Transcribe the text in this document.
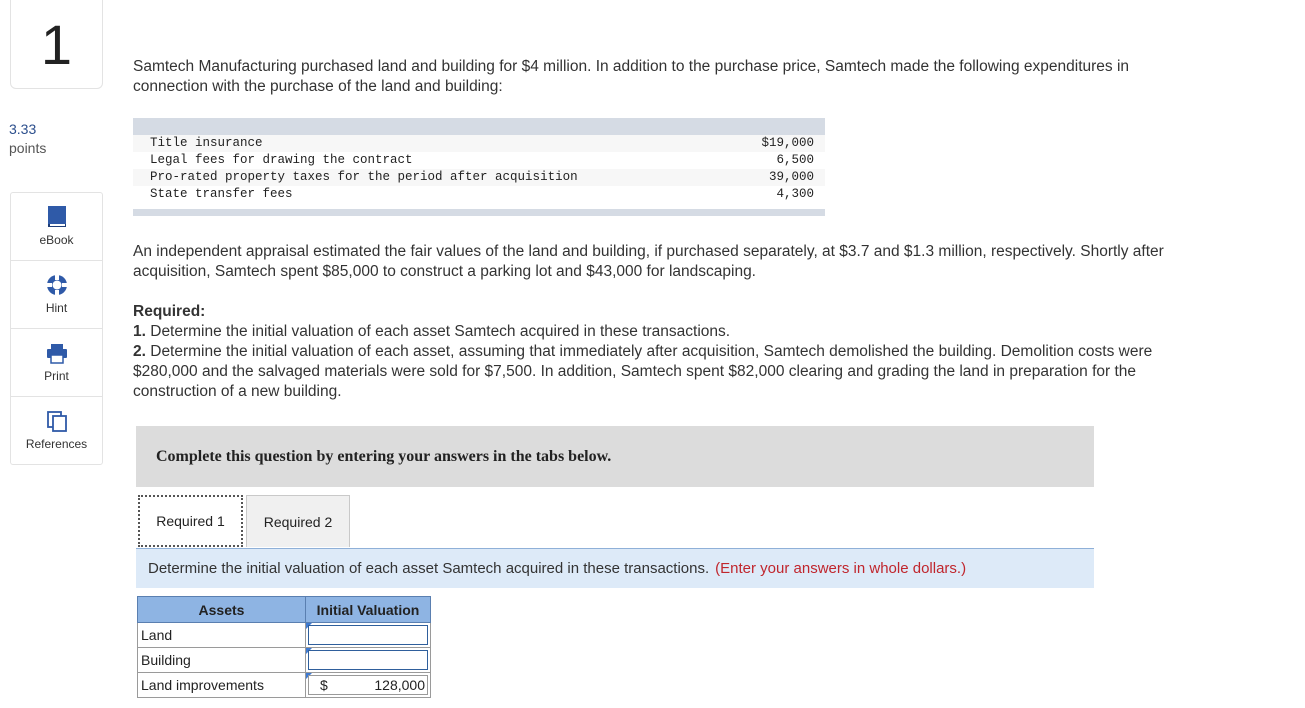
1
3.33
points
eBook
Hint
Print
References
Samtech Manufacturing purchased land and building for $4 million. In addition to the purchase price, Samtech made the following expenditures in connection with the purchase of the land and building:
Title insurance	$19,000
Legal fees for drawing the contract	6,500
Pro-rated property taxes for the period after acquisition	39,000
State transfer fees	4,300
An independent appraisal estimated the fair values of the land and building, if purchased separately, at $3.7 and $1.3 million, respectively. Shortly after acquisition, Samtech spent $85,000 to construct a parking lot and $43,000 for landscaping.
Required:
1. Determine the initial valuation of each asset Samtech acquired in these transactions.
2. Determine the initial valuation of each asset, assuming that immediately after acquisition, Samtech demolished the building. Demolition costs were $280,000 and the salvaged materials were sold for $7,500. In addition, Samtech spent $82,000 clearing and grading the land in preparation for the construction of a new building.
Complete this question by entering your answers in the tabs below.
Required 1	Required 2
Determine the initial valuation of each asset Samtech acquired in these transactions. (Enter your answers in whole dollars.)
Assets	Initial Valuation
Land	

Building	

Land improvements	$ 128,000
